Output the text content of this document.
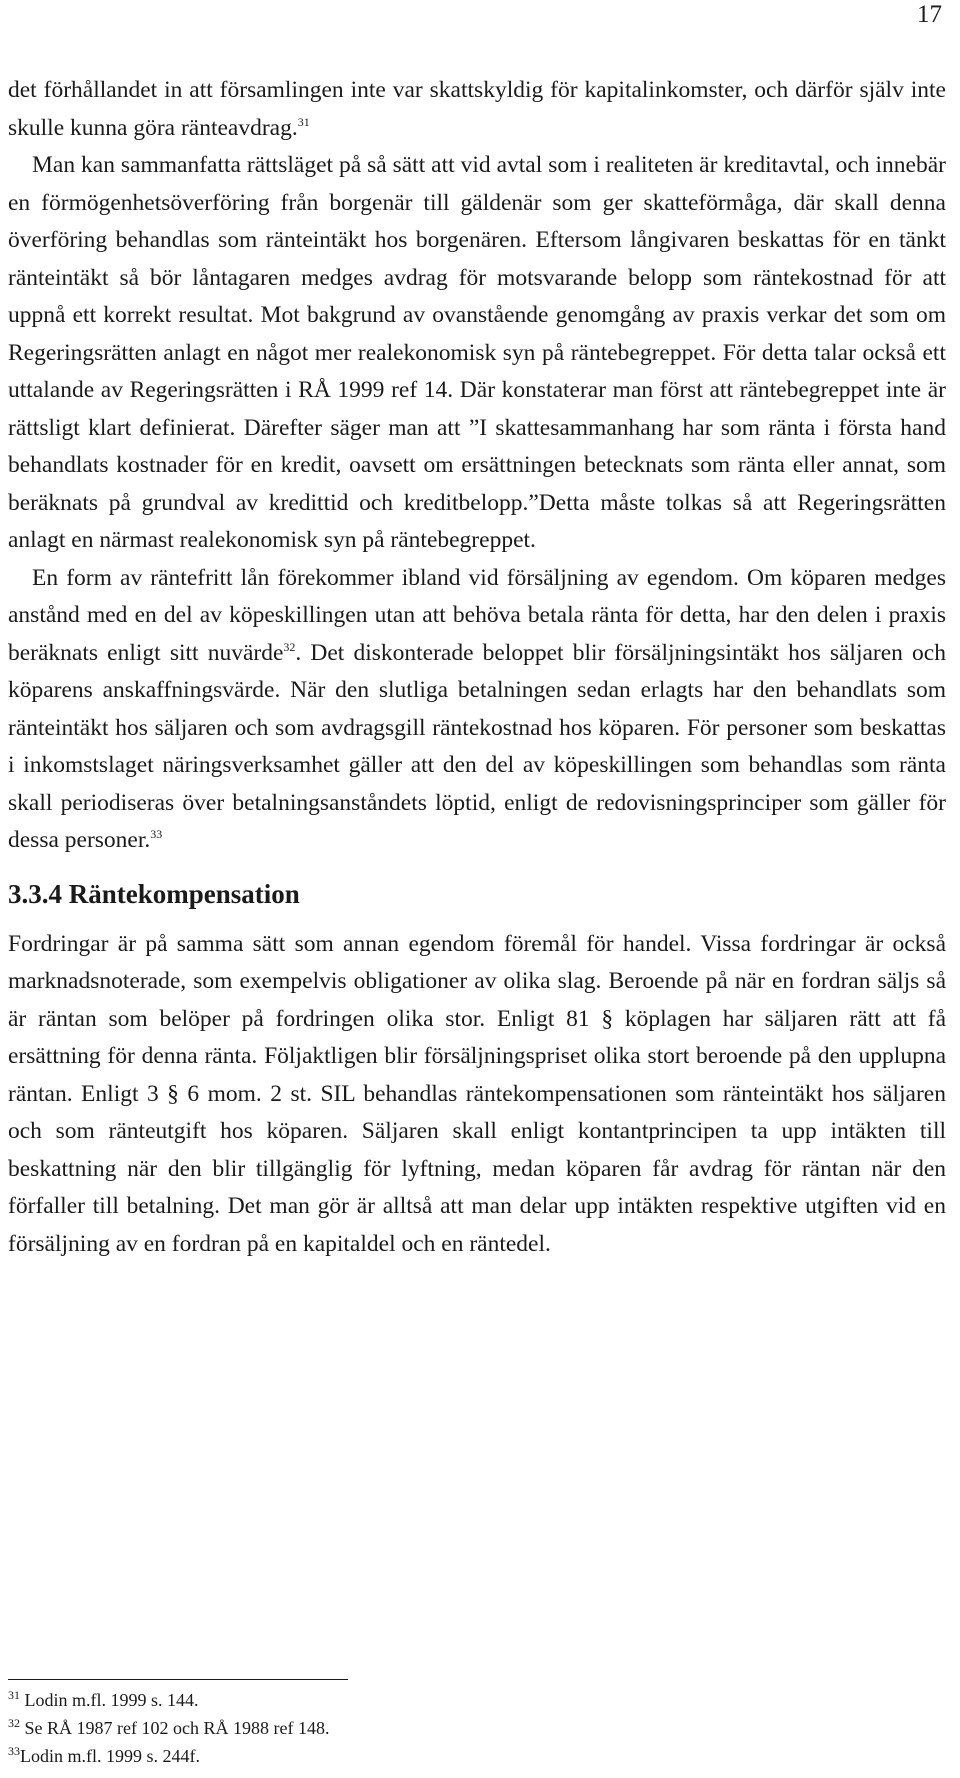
17

det förhållandet in att församlingen inte var skattskyldig för kapitalinkomster, och därför själv inte skulle kunna göra ränteavdrag.$^{31}$

Man kan sammanfatta rättsläget på så sätt att vid avtal som i realiteten är kreditavtal, och innebär en förmögenhetsöverföring från borgenär till gäldenär som ger skatteförmåga, där skall denna överföring behandlas som ränteintäkt hos borgenären. Eftersom långivaren beskattas för en tänkt ränteintäkt så bör låntagaren medges avdrag för motsvarande belopp som räntekostnad för att uppnå ett korrekt resultat. Mot bakgrund av ovanstående genomgång av praxis verkar det som om Regeringsrätten anlagt en något mer realekonomisk syn på räntebegreppet. För detta talar också ett uttalande av Regeringsrätten i RÅ 1999 ref 14. Där konstaterar man först att räntebegreppet inte är rättsligt klart definierat. Därefter säger man att ”I skattesammanhang har som ränta i första hand behandlats kostnader för en kredit, oavsett om ersättningen betecknats som ränta eller annat, som beräknats på grundval av kredittid och kreditbelopp.”Detta måste tolkas så att Regeringsrätten anlagt en närmast realekonomisk syn på räntebegreppet.

En form av räntefritt lån förekommer ibland vid försäljning av egendom. Om köparen medges anstånd med en del av köpeskillingen utan att behöva betala ränta för detta, har den delen i praxis beräknats enligt sitt nuvärde$^{32}$. Det diskonterade beloppet blir försäljningsintäkt hos säljaren och köparens anskaffningsvärde. När den slutliga betalningen sedan erlagts har den behandlats som ränteintäkt hos säljaren och som avdragsgill räntekostnad hos köparen. För personer som beskattas i inkomstslaget näringsverksamhet gäller att den del av köpeskillingen som behandlas som ränta skall periodiseras över betalningsanståndets löptid, enligt de redovisningsprinciper som gäller för dessa personer.$^{33}$

3.3.4 Räntekompensation

Fordringar är på samma sätt som annan egendom föremål för handel. Vissa fordringar är också marknadsnoterade, som exempelvis obligationer av olika slag. Beroende på när en fordran säljs så är räntan som belöper på fordringen olika stor. Enligt 81 § köplagen har säljaren rätt att få ersättning för denna ränta. Följaktligen blir försäljningspriset olika stort beroende på den upplupna räntan. Enligt 3 § 6 mom. 2 st. SIL behandlas räntekompensationen som ränteintäkt hos säljaren och som ränteutgift hos köparen. Säljaren skall enligt kontantprincipen ta upp intäkten till beskattning när den blir tillgänglig för lyftning, medan köparen får avdrag för räntan när den förfaller till betalning. Det man gör är alltså att man delar upp intäkten respektive utgiften vid en försäljning av en fordran på en kapitaldel och en räntedel.

$^{31}$ Lodin m.fl. 1999 s. 144.
$^{32}$ Se RÅ 1987 ref 102 och RÅ 1988 ref 148.
$^{33}$Lodin m.fl. 1999 s. 244f.
